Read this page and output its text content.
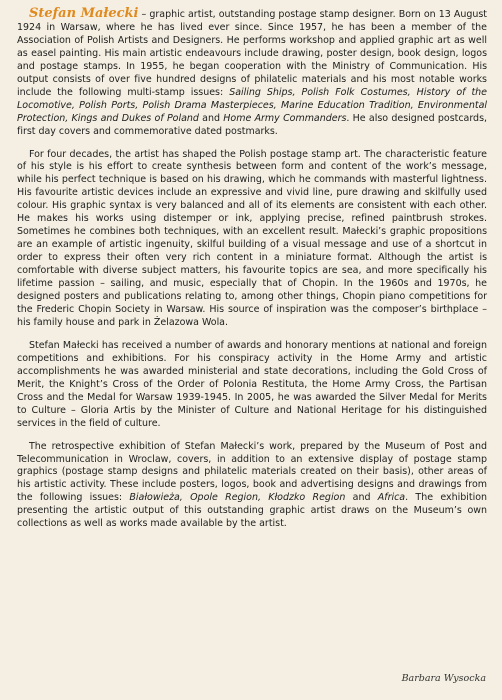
Stefan Małecki – graphic artist, outstanding postage stamp designer. Born on 13 August 1924 in Warsaw, where he has lived ever since. Since 1957, he has been a member of the Association of Polish Artists and Designers. He performs workshop and applied graphic art as well as easel painting. His main artistic endeavours include drawing, poster design, book design, logos and postage stamps. In 1955, he began cooperation with the Ministry of Communication. His output consists of over five hundred designs of philatelic materials and his most notable works include the following multi-stamp issues: Sailing Ships, Polish Folk Costumes, History of the Locomotive, Polish Ports, Polish Drama Masterpieces, Marine Education Tradition, Environmental Protection, Kings and Dukes of Poland and Home Army Commanders. He also designed postcards, first day covers and commemorative dated postmarks.

For four decades, the artist has shaped the Polish postage stamp art. The characteristic feature of his style is his effort to create synthesis between form and content of the work’s message, while his perfect technique is based on his drawing, which he commands with masterful lightness. His favourite artistic devices include an expressive and vivid line, pure drawing and skilfully used colour. His graphic syntax is very balanced and all of its elements are consistent with each other. He makes his works using distemper or ink, applying precise, refined paintbrush strokes. Sometimes he combines both techniques, with an excellent result. Małecki’s graphic propositions are an example of artistic ingenuity, skilful building of a visual message and use of a shortcut in order to express their often very rich content in a miniature format. Although the artist is comfortable with diverse subject matters, his favourite topics are sea, and more specifically his lifetime passion – sailing, and music, especially that of Chopin. In the 1960s and 1970s, he designed posters and publications relating to, among other things, Chopin piano competitions for the Frederic Chopin Society in Warsaw. His source of inspiration was the composer’s birthplace – his family house and park in Żelazowa Wola.

Stefan Małecki has received a number of awards and honorary mentions at national and foreign competitions and exhibitions. For his conspiracy activity in the Home Army and artistic accomplishments he was awarded ministerial and state decorations, including the Gold Cross of Merit, the Knight’s Cross of the Order of Polonia Restituta, the Home Army Cross, the Partisan Cross and the Medal for Warsaw 1939-1945. In 2005, he was awarded the Silver Medal for Merits to Culture – Gloria Artis by the Minister of Culture and National Heritage for his distinguished services in the field of culture.

The retrospective exhibition of Stefan Małecki’s work, prepared by the Museum of Post and Telecommunication in Wroclaw, covers, in addition to an extensive display of postage stamp graphics (postage stamp designs and philatelic materials created on their basis), other areas of his artistic activity. These include posters, logos, book and advertising designs and drawings from the following issues: Białowieża, Opole Region, Kłodzko Region and Africa. The exhibition presenting the artistic output of this outstanding graphic artist draws on the Museum’s own collections as well as works made available by the artist.

Barbara Wysocka
